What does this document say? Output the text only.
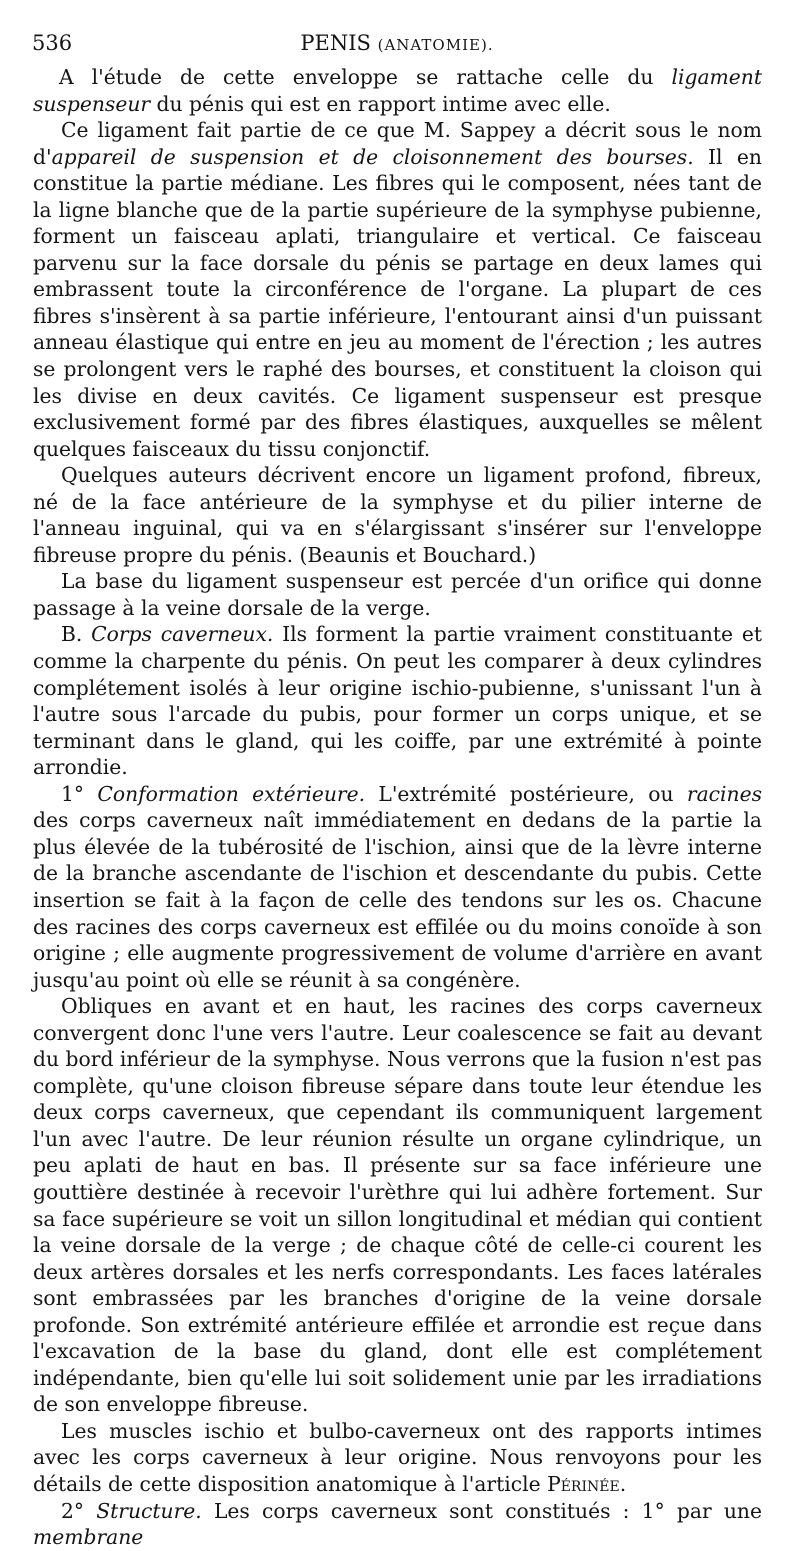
536	PENIS (ANATOMIE).

A l'étude de cette enveloppe se rattache celle du ligament suspenseur du pénis qui est en rapport intime avec elle.

Ce ligament fait partie de ce que M. Sappey a décrit sous le nom d'appareil de suspension et de cloisonnement des bourses. Il en constitue la partie médiane. Les fibres qui le composent, nées tant de la ligne blanche que de la partie supérieure de la symphyse pubienne, forment un faisceau aplati, triangulaire et vertical. Ce faisceau parvenu sur la face dorsale du pénis se partage en deux lames qui embrassent toute la circonférence de l'organe. La plupart de ces fibres s'insèrent à sa partie inférieure, l'entourant ainsi d'un puissant anneau élastique qui entre en jeu au moment de l'érection ; les autres se prolongent vers le raphé des bourses, et constituent la cloison qui les divise en deux cavités. Ce ligament suspenseur est presque exclusivement formé par des fibres élastiques, auxquelles se mêlent quelques faisceaux du tissu conjonctif.

Quelques auteurs décrivent encore un ligament profond, fibreux, né de la face antérieure de la symphyse et du pilier interne de l'anneau inguinal, qui va en s'élargissant s'insérer sur l'enveloppe fibreuse propre du pénis. (Beaunis et Bouchard.)

La base du ligament suspenseur est percée d'un orifice qui donne passage à la veine dorsale de la verge.

B. Corps caverneux. Ils forment la partie vraiment constituante et comme la charpente du pénis. On peut les comparer à deux cylindres complétement isolés à leur origine ischio-pubienne, s'unissant l'un à l'autre sous l'arcade du pubis, pour former un corps unique, et se terminant dans le gland, qui les coiffe, par une extrémité à pointe arrondie.

1° Conformation extérieure. L'extrémité postérieure, ou racines des corps caverneux naît immédiatement en dedans de la partie la plus élevée de la tubérosité de l'ischion, ainsi que de la lèvre interne de la branche ascendante de l'ischion et descendante du pubis. Cette insertion se fait à la façon de celle des tendons sur les os. Chacune des racines des corps caverneux est effilée ou du moins conoïde à son origine ; elle augmente progressivement de volume d'arrière en avant jusqu'au point où elle se réunit à sa congénère.

Obliques en avant et en haut, les racines des corps caverneux convergent donc l'une vers l'autre. Leur coalescence se fait au devant du bord inférieur de la symphyse. Nous verrons que la fusion n'est pas complète, qu'une cloison fibreuse sépare dans toute leur étendue les deux corps caverneux, que cependant ils communiquent largement l'un avec l'autre. De leur réunion résulte un organe cylindrique, un peu aplati de haut en bas. Il présente sur sa face inférieure une gouttière destinée à recevoir l'urèthre qui lui adhère fortement. Sur sa face supérieure se voit un sillon longitudinal et médian qui contient la veine dorsale de la verge ; de chaque côté de celle-ci courent les deux artères dorsales et les nerfs correspondants. Les faces latérales sont embrassées par les branches d'origine de la veine dorsale profonde. Son extrémité antérieure effilée et arrondie est reçue dans l'excavation de la base du gland, dont elle est complétement indépendante, bien qu'elle lui soit solidement unie par les irradiations de son enveloppe fibreuse.

Les muscles ischio et bulbo-caverneux ont des rapports intimes avec les corps caverneux à leur origine. Nous renvoyons pour les détails de cette disposition anatomique à l'article Périnée.

2° Structure. Les corps caverneux sont constitués : 1° par une membrane
